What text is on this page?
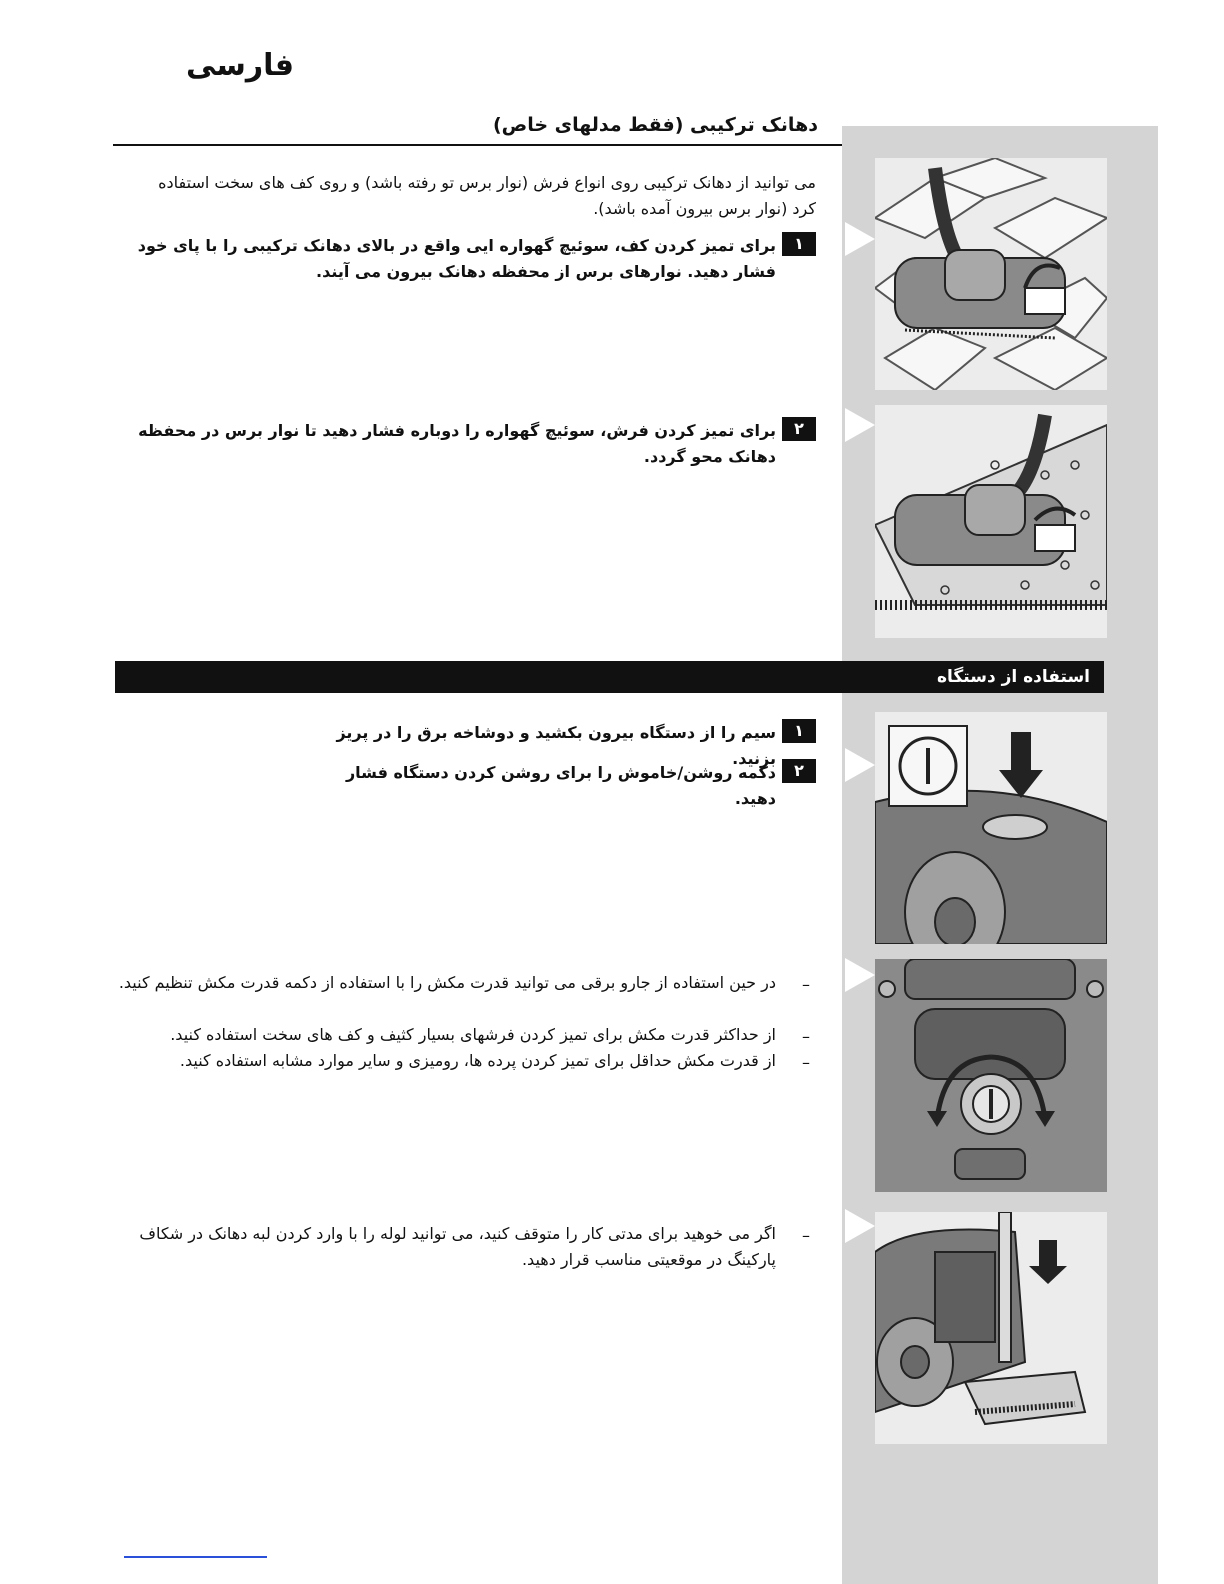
فارسی
دهانک ترکیبی (فقط مدلهای خاص)
می توانید از دهانک ترکیبی روی انواع فرش (نوار برس تو رفته باشد) و روی کف های سخت استفاده کرد (نوار برس بیرون آمده باشد).
۱
برای تمیز کردن کف، سوئیچ گهواره ایی واقع در بالای دهانک ترکیبی را با پای خود فشار دهید. نوارهای برس از محفظه دهانک بیرون می آیند.
۲
برای تمیز کردن فرش، سوئیچ گهواره را دوباره فشار دهید تا نوار برس در محفظه دهانک محو گردد.
استفاده از دستگاه
۱
سیم را از دستگاه بیرون بکشید و دوشاخه برق را در پریز بزنید.
۲
دکمه روشن/خاموش را برای روشن کردن دستگاه فشار دهید.
–
در حین استفاده از جارو برقی می توانید قدرت مکش را با استفاده از دکمه قدرت مکش تنظیم کنید.
–
از حداکثر قدرت مکش برای تمیز کردن فرشهای بسیار کثیف و کف های سخت استفاده کنید.
–
از قدرت مکش حداقل برای تمیز کردن پرده ها، رومیزی و سایر موارد مشابه استفاده کنید.
–
اگر می خوهید برای مدتی کار را متوقف کنید، می توانید لوله را با وارد کردن لبه دهانک در شکاف پارکینگ در موقعیتی مناسب قرار دهید.
